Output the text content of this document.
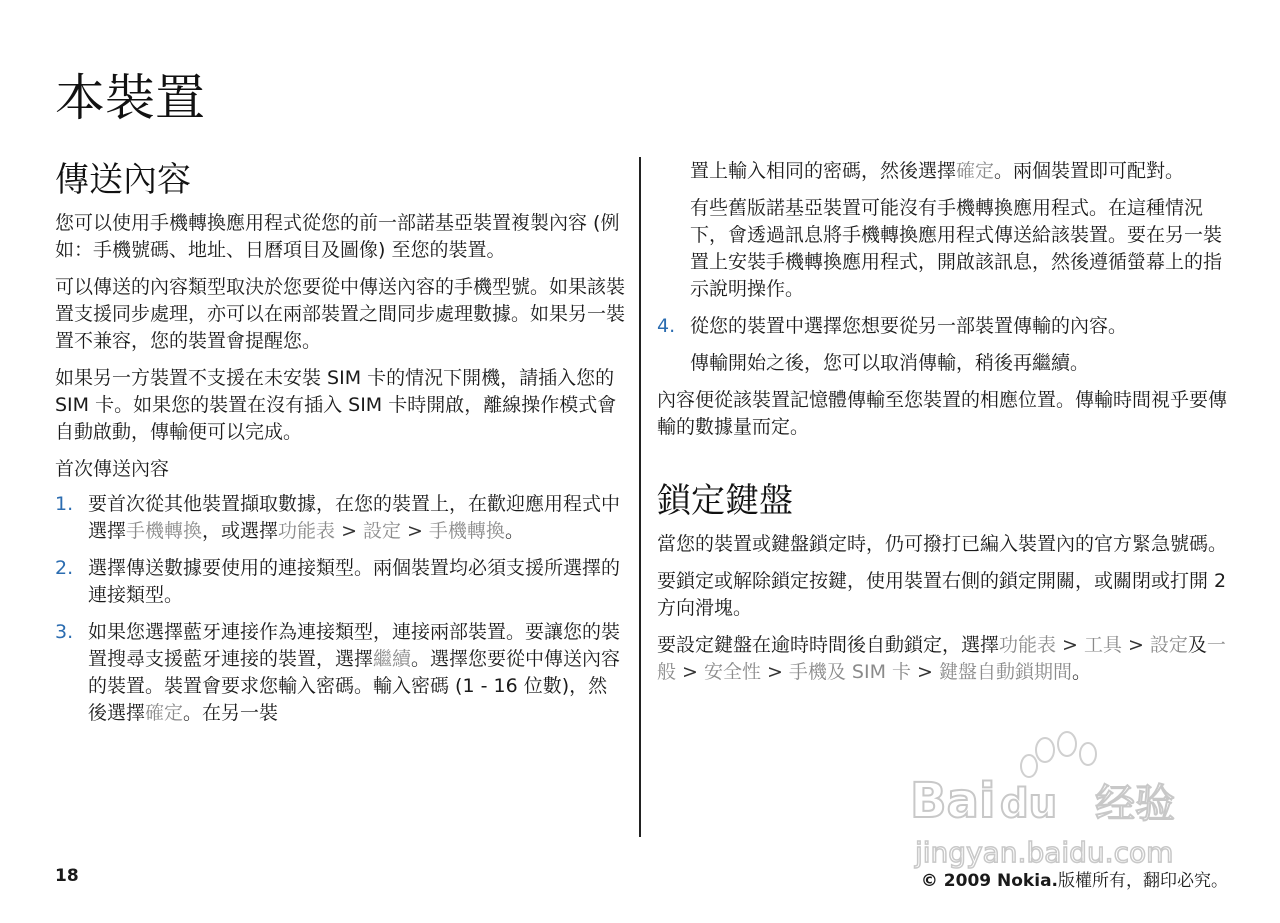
本裝置
傳送內容

您可以使用手機轉換應用程式從您的前一部諾基亞裝置複製內容 (例如：手機號碼、地址、日曆項目及圖像) 至您的裝置。

可以傳送的內容類型取決於您要從中傳送內容的手機型號。如果該裝置支援同步處理，亦可以在兩部裝置之間同步處理數據。如果另一裝置不兼容，您的裝置會提醒您。

如果另一方裝置不支援在未安裝 SIM 卡的情況下開機，請插入您的 SIM 卡。如果您的裝置在沒有插入 SIM 卡時開啟，離線操作模式會自動啟動，傳輸便可以完成。

首次傳送內容

1. 要首次從其他裝置擷取數據，在您的裝置上，在歡迎應用程式中選擇手機轉換，或選擇功能表 > 設定 > 手機轉換。
2. 選擇傳送數據要使用的連接類型。兩個裝置均必須支援所選擇的連接類型。
3. 如果您選擇藍牙連接作為連接類型，連接兩部裝置。要讓您的裝置搜尋支援藍牙連接的裝置，選擇繼續。選擇您要從中傳送內容的裝置。裝置會要求您輸入密碼。輸入密碼 (1 - 16 位數)，然後選擇確定。在另一裝

置上輸入相同的密碼，然後選擇確定。兩個裝置即可配對。

有些舊版諾基亞裝置可能沒有手機轉換應用程式。在這種情況下，會透過訊息將手機轉換應用程式傳送給該裝置。要在另一裝置上安裝手機轉換應用程式，開啟該訊息，然後遵循螢幕上的指示說明操作。

4. 從您的裝置中選擇您想要從另一部裝置傳輸的內容。

傳輸開始之後，您可以取消傳輸，稍後再繼續。

內容便從該裝置記憶體傳輸至您裝置的相應位置。傳輸時間視乎要傳輸的數據量而定。

鎖定鍵盤

當您的裝置或鍵盤鎖定時，仍可撥打已編入裝置內的官方緊急號碼。

要鎖定或解除鎖定按鍵，使用裝置右側的鎖定開關，或關閉或打開 2 方向滑塊。

要設定鍵盤在逾時時間後自動鎖定，選擇功能表 > 工具 > 設定及一般 > 安全性 > 手機及 SIM 卡 > 鍵盤自動鎖期間。

Bai du 经验
jingyan.baidu.com
18	© 2009 Nokia.版權所有，翻印必究。
